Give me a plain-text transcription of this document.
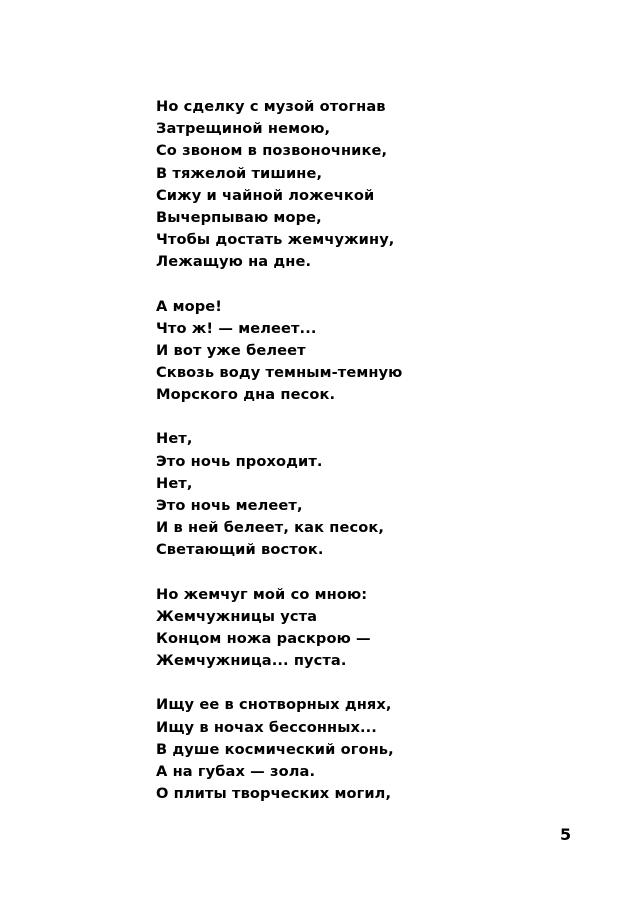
Но сделку с музой отогнав
Затрещиной немою,
Со звоном в позвоночнике,
В тяжелой тишине,
Сижу и чайной ложечкой
Вычерпываю море,
Чтобы достать жемчужину,
Лежащую на дне.
А море!
Что ж! — мелеет...
И вот уже белеет
Сквозь воду темным-темную
Морского дна песок.
Нет,
Это ночь проходит.
Нет,
Это ночь мелеет,
И в ней белеет, как песок,
Светающий восток.
Но жемчуг мой со мною:
Жемчужницы уста
Концом ножа раскрою —
Жемчужница... пуста.
Ищу ее в снотворных днях,
Ищу в ночах бессонных...
В душе космический огонь,
А на губах — зола.
О плиты творческих могил,
5
